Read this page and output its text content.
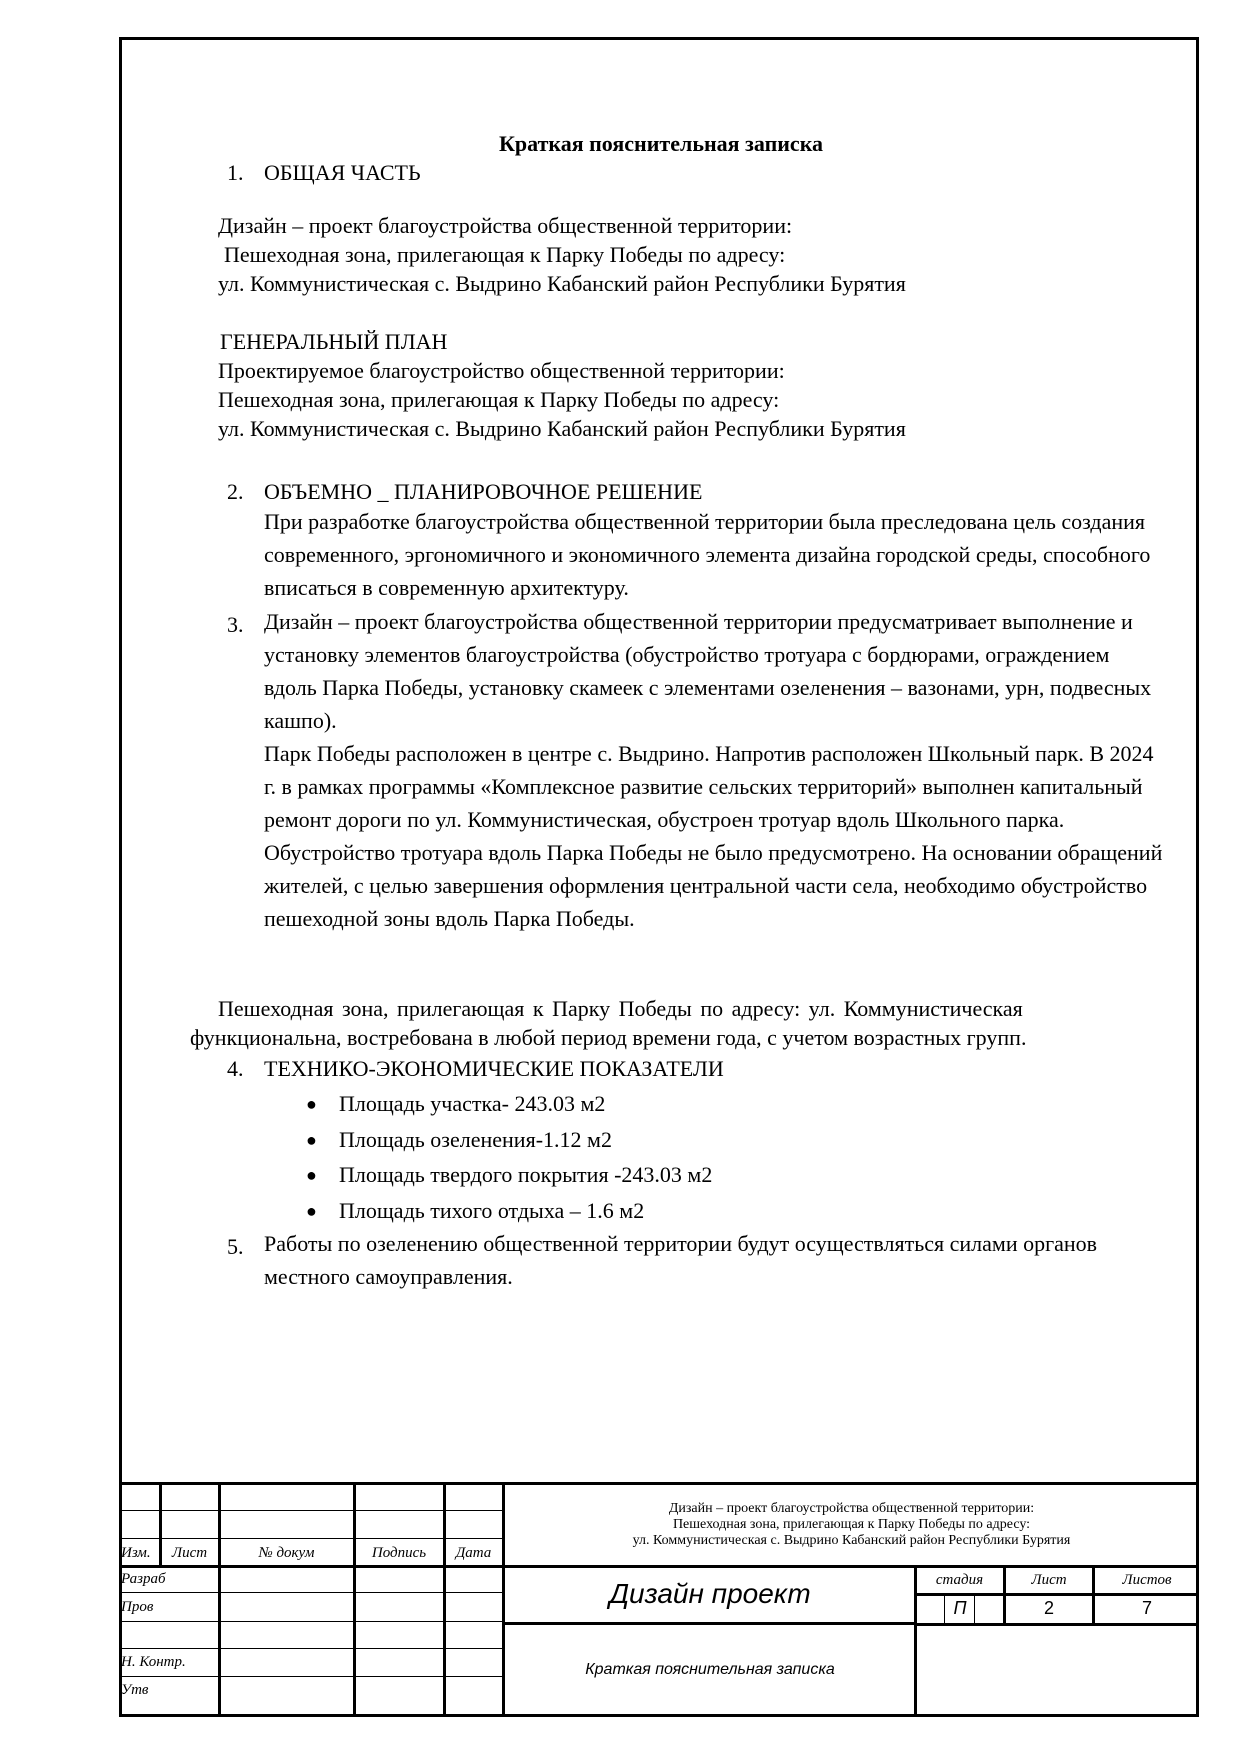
Краткая пояснительная записка
1. ОБЩАЯ ЧАСТЬ
Дизайн – проект благоустройства общественной территории:
Пешеходная зона, прилегающая к Парку Победы по адресу:
ул. Коммунистическая с. Выдрино Кабанский район Республики Бурятия
ГЕНЕРАЛЬНЫЙ ПЛАН
Проектируемое благоустройство общественной территории:
Пешеходная зона, прилегающая к Парку Победы по адресу:
ул. Коммунистическая с. Выдрино Кабанский район Республики Бурятия
2. ОБЪЕМНО _ ПЛАНИРОВОЧНОЕ РЕШЕНИЕ
При разработке благоустройства общественной территории была преследована цель создания современного, эргономичного и экономичного элемента дизайна городской среды, способного вписаться в современную архитектуру.
3. Дизайн – проект благоустройства общественной территории предусматривает выполнение и установку элементов благоустройства (обустройство тротуара с бордюрами, ограждением вдоль Парка Победы, установку скамеек с элементами озеленения – вазонами, урн, подвесных кашпо).
Парк Победы расположен в центре с. Выдрино. Напротив расположен Школьный парк. В 2024 г. в рамках программы «Комплексное развитие сельских территорий» выполнен капитальный ремонт дороги по ул. Коммунистическая, обустроен тротуар вдоль Школьного парка. Обустройство тротуара вдоль Парка Победы не было предусмотрено. На основании обращений жителей, с целью завершения оформления центральной части села, необходимо обустройство пешеходной зоны вдоль Парка Победы.
Пешеходная зона, прилегающая к Парку Победы по адресу: ул. Коммунистическая
функциональна, востребована в любой период времени года, с учетом возрастных групп.
4. ТЕХНИКО-ЭКОНОМИЧЕСКИЕ ПОКАЗАТЕЛИ
● Площадь участка- 243.03 м2
● Площадь озеленения-1.12 м2
● Площадь твердого покрытия -243.03 м2
● Площадь тихого отдыха – 1.6 м2
5. Работы по озеленению общественной территории будут осуществляться силами органов местного самоуправления.
Изм.	Лист	№ докум	Подпись	Дата
Разраб
Пров
Н. Контр.
Утв
Дизайн – проект благоустройства общественной территории:
Пешеходная зона, прилегающая к Парку Победы по адресу:
ул. Коммунистическая с. Выдрино Кабанский район Республики Бурятия
Дизайн проект
Краткая пояснительная записка
стадия	Лист	Листов
П	2	7
